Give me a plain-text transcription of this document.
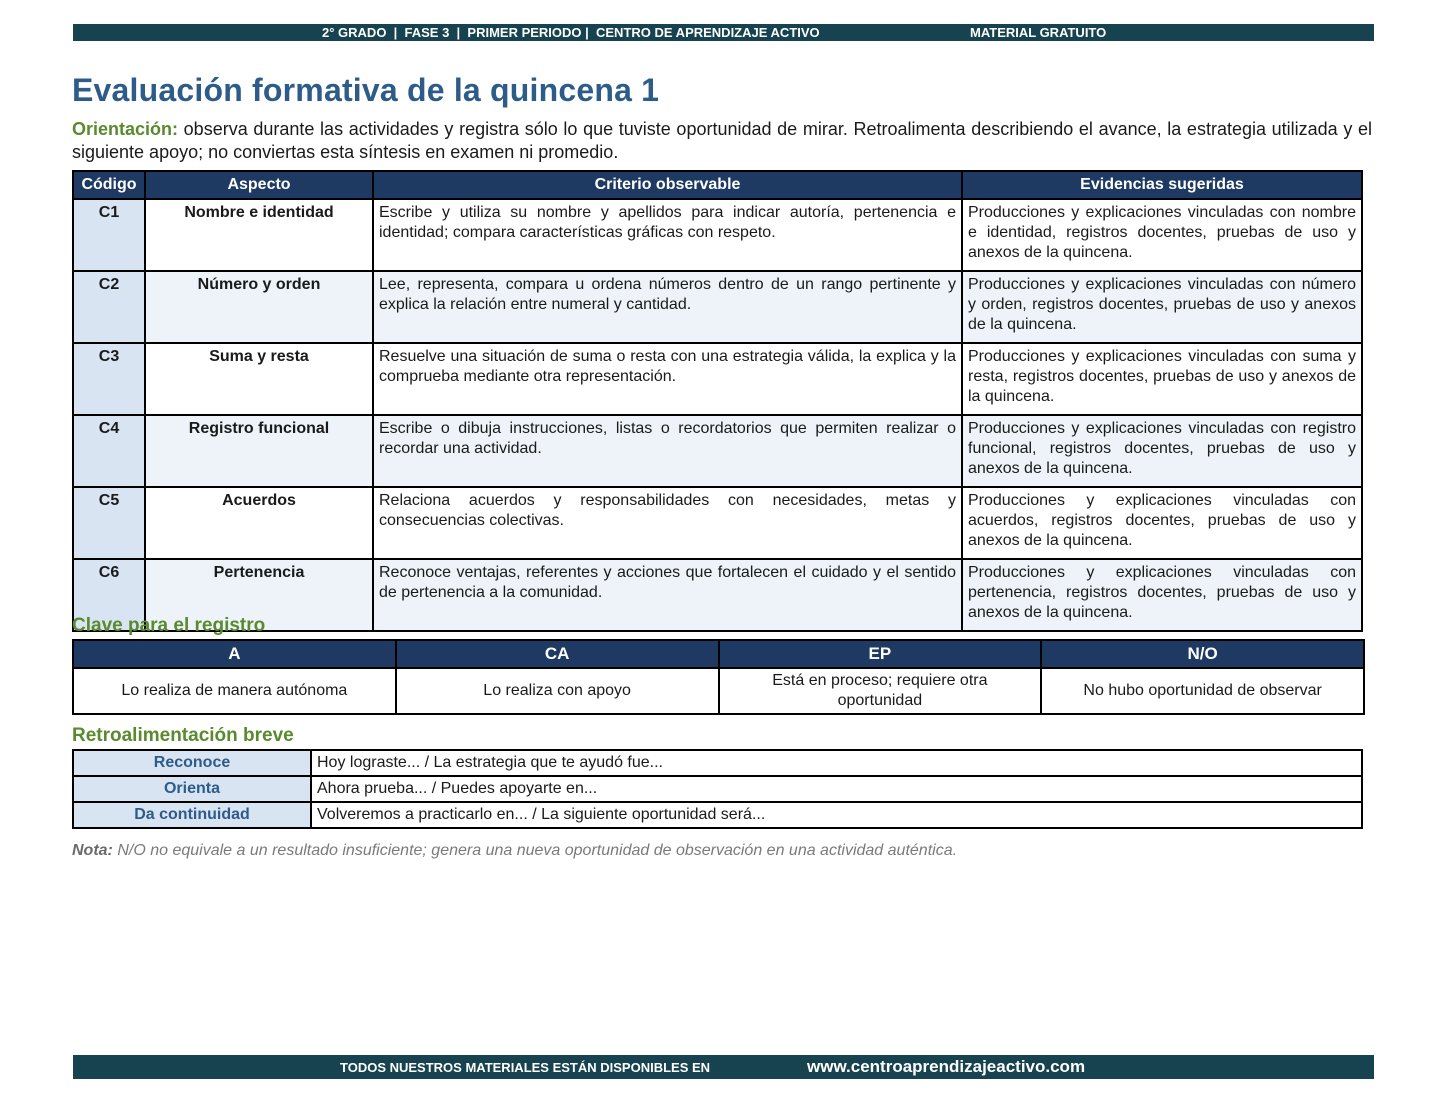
2° GRADO  |  FASE 3  |  PRIMER PERIODO |  CENTRO DE APRENDIZAJE ACTIVO	MATERIAL GRATUITO
Evaluación formativa de la quincena 1

Orientación: observa durante las actividades y registra sólo lo que tuviste oportunidad de mirar. Retroalimenta describiendo el avance, la estrategia utilizada y el siguiente apoyo; no conviertas esta síntesis en examen ni promedio.

Código	Aspecto	Criterio observable	Evidencias sugeridas
C1	Nombre e identidad	Escribe y utiliza su nombre y apellidos para indicar autoría, pertenencia e identidad; compara características gráficas con respeto.	Producciones y explicaciones vinculadas con nombre e identidad, registros docentes, pruebas de uso y anexos de la quincena.
C2	Número y orden	Lee, representa, compara u ordena números dentro de un rango pertinente y explica la relación entre numeral y cantidad.	Producciones y explicaciones vinculadas con número y orden, registros docentes, pruebas de uso y anexos de la quincena.
C3	Suma y resta	Resuelve una situación de suma o resta con una estrategia válida, la explica y la comprueba mediante otra representación.	Producciones y explicaciones vinculadas con suma y resta, registros docentes, pruebas de uso y anexos de la quincena.
C4	Registro funcional	Escribe o dibuja instrucciones, listas o recordatorios que permiten realizar o recordar una actividad.	Producciones y explicaciones vinculadas con registro funcional, registros docentes, pruebas de uso y anexos de la quincena.
C5	Acuerdos	Relaciona acuerdos y responsabilidades con necesidades, metas y consecuencias colectivas.	Producciones y explicaciones vinculadas con acuerdos, registros docentes, pruebas de uso y anexos de la quincena.
C6	Pertenencia	Reconoce ventajas, referentes y acciones que fortalecen el cuidado y el sentido de pertenencia a la comunidad.	Producciones y explicaciones vinculadas con pertenencia, registros docentes, pruebas de uso y anexos de la quincena.
Clave para el registro
A	CA	EP	N/O
Lo realiza de manera autónoma	Lo realiza con apoyo	Está en proceso; requiere otra oportunidad	No hubo oportunidad de observar
Retroalimentación breve
Reconoce	Hoy lograste... / La estrategia que te ayudó fue...
Orienta	Ahora prueba... / Puedes apoyarte en...
Da continuidad	Volveremos a practicarlo en... / La siguiente oportunidad será...

Nota: N/O no equivale a un resultado insuficiente; genera una nueva oportunidad de observación en una actividad auténtica.

TODOS NUESTROS MATERIALES ESTÁN DISPONIBLES EN	www.centroaprendizajeactivo.com
